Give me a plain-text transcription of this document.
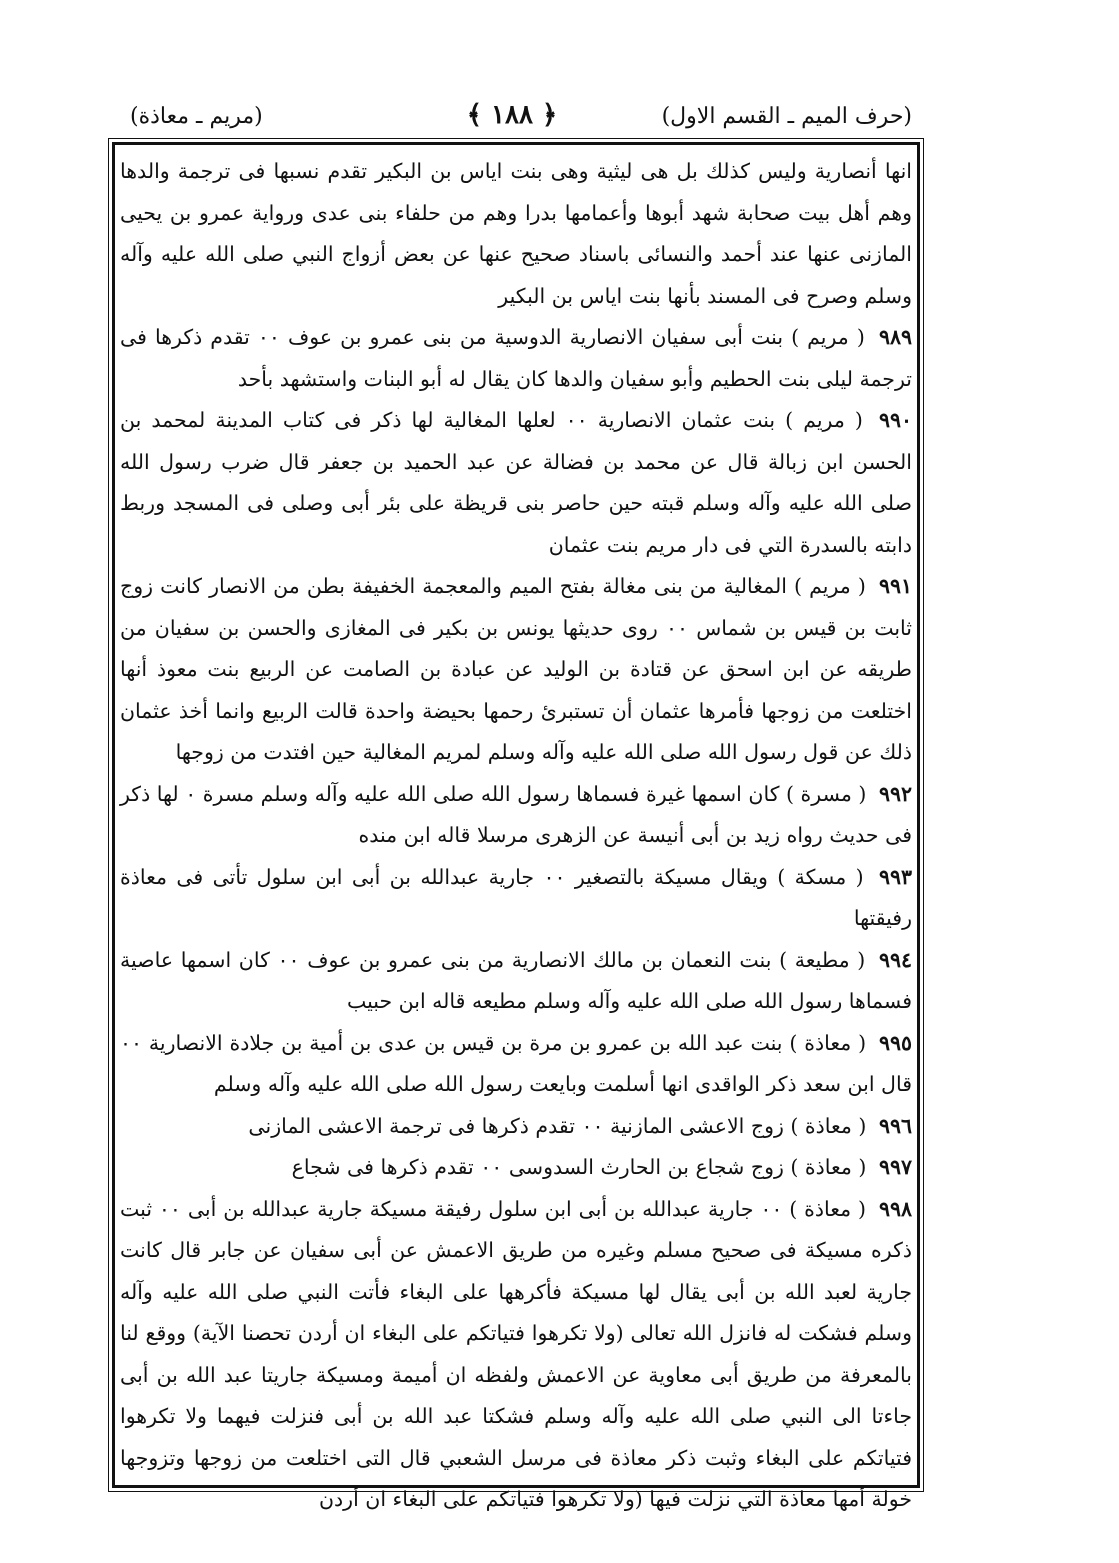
(حرف الميم ـ القسم الاول)
﴿ ١٨٨ ﴾
(مريم ـ معاذة)

انها أنصارية وليس كذلك بل هى ليثية وهى بنت اياس بن البكير تقدم نسبها فى ترجمة والدها وهم أهل بيت صحابة شهد أبوها وأعمامها بدرا وهم من حلفاء بنى عدى ورواية عمرو بن يحيى المازنى عنها عند أحمد والنسائى باسناد صحيح عنها عن بعض أزواج النبي صلى الله عليه وآله وسلم وصرح فى المسند بأنها بنت اياس بن البكير

٩٨٩ ( مريم ) بنت أبى سفيان الانصارية الدوسية من بنى عمرو بن عوف ٠٠ تقدم ذكرها فى ترجمة ليلى بنت الحطيم وأبو سفيان والدها كان يقال له أبو البنات واستشهد بأحد

٩٩٠ ( مريم ) بنت عثمان الانصارية ٠٠ لعلها المغالية لها ذكر فى كتاب المدينة لمحمد بن الحسن ابن زبالة قال عن محمد بن فضالة عن عبد الحميد بن جعفر قال ضرب رسول الله صلى الله عليه وآله وسلم قبته حين حاصر بنى قريظة على بئر أبى وصلى فى المسجد وربط دابته بالسدرة التي فى دار مريم بنت عثمان

٩٩١ ( مريم ) المغالية من بنى مغالة بفتح الميم والمعجمة الخفيفة بطن من الانصار كانت زوج ثابت بن قيس بن شماس ٠٠ روى حديثها يونس بن بكير فى المغازى والحسن بن سفيان من طريقه عن ابن اسحق عن قتادة بن الوليد عن عبادة بن الصامت عن الربيع بنت معوذ أنها اختلعت من زوجها فأمرها عثمان أن تستبرئ رحمها بحيضة واحدة قالت الربيع وانما أخذ عثمان ذلك عن قول رسول الله صلى الله عليه وآله وسلم لمريم المغالية حين افتدت من زوجها

٩٩٢ ( مسرة ) كان اسمها غيرة فسماها رسول الله صلى الله عليه وآله وسلم مسرة ٠ لها ذكر فى حديث رواه زيد بن أبى أنيسة عن الزهرى مرسلا قاله ابن منده

٩٩٣ ( مسكة ) ويقال مسيكة بالتصغير ٠٠ جارية عبدالله بن أبى ابن سلول تأتى فى معاذة رفيقتها

٩٩٤ ( مطيعة ) بنت النعمان بن مالك الانصارية من بنى عمرو بن عوف ٠٠ كان اسمها عاصية فسماها رسول الله صلى الله عليه وآله وسلم مطيعه قاله ابن حبيب

٩٩٥ ( معاذة ) بنت عبد الله بن عمرو بن مرة بن قيس بن عدى بن أمية بن جلادة الانصارية ٠٠ قال ابن سعد ذكر الواقدى انها أسلمت وبايعت رسول الله صلى الله عليه وآله وسلم

٩٩٦ ( معاذة ) زوج الاعشى المازنية ٠٠ تقدم ذكرها فى ترجمة الاعشى المازنى

٩٩٧ ( معاذة ) زوج شجاع بن الحارث السدوسى ٠٠ تقدم ذكرها فى شجاع

٩٩٨ ( معاذة ) ٠٠ جارية عبدالله بن أبى ابن سلول رفيقة مسيكة جارية عبدالله بن أبى ٠٠ ثبت ذكره مسيكة فى صحيح مسلم وغيره من طريق الاعمش عن أبى سفيان عن جابر قال كانت جارية لعبد الله بن أبى يقال لها مسيكة فأكرهها على البغاء فأتت النبي صلى الله عليه وآله وسلم فشكت له فانزل الله تعالى (ولا تكرهوا فتياتكم على البغاء ان أردن تحصنا الآية) ووقع لنا بالمعرفة من طريق أبى معاوية عن الاعمش ولفظه ان أميمة ومسيكة جاريتا عبد الله بن أبى جاءتا الى النبي صلى الله عليه وآله وسلم فشكتا عبد الله بن أبى فنزلت فيهما ولا تكرهوا فتياتكم على البغاء وثبت ذكر معاذة فى مرسل الشعبي قال التى اختلعت من زوجها وتزوجها خولة أمها معاذة التي نزلت فيها (ولا تكرهوا فتياتكم على البغاء ان أردن
